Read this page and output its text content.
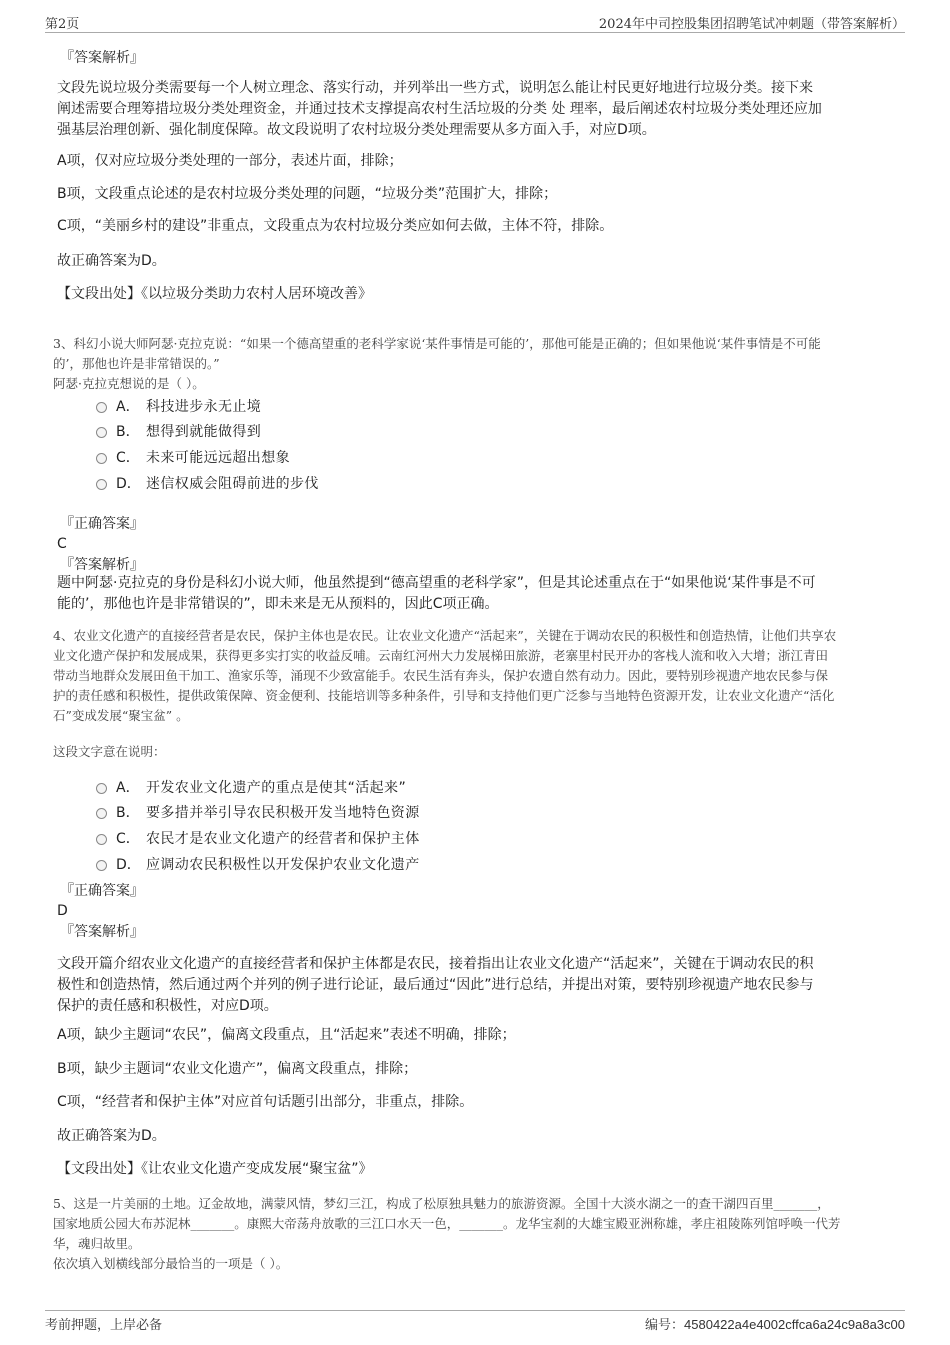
第2页	2024年中司控股集团招聘笔试冲刺题（带答案解析）
『答案解析』
文段先说垃圾分类需要每一个人树立理念、落实行动，并列举出一些方式，说明怎么能让村民更好地进行垃圾分类。接下来
阐述需要合理筹措垃圾分类处理资金，并通过技术支撑提高农村生活垃圾的分类 处 理率，最后阐述农村垃圾分类处理还应加
强基层治理创新、强化制度保障。故文段说明了农村垃圾分类处理需要从多方面入手，对应D项。
A项，仅对应垃圾分类处理的一部分，表述片面，排除；
B项，文段重点论述的是农村垃圾分类处理的问题，“垃圾分类”范围扩大，排除；
C项，“美丽乡村的建设”非重点，文段重点为农村垃圾分类应如何去做，主体不符，排除。
故正确答案为D。
【文段出处】《以垃圾分类助力农村人居环境改善》
3、科幻小说大师阿瑟·克拉克说：“如果一个德高望重的老科学家说‘某件事情是可能的’，那他可能是正确的；但如果他说‘某件事情是不可能
的’，那他也许是非常错误的。”
阿瑟·克拉克想说的是（ ）。
A． 科技进步永无止境
B． 想得到就能做得到
C． 未来可能远远超出想象
D． 迷信权威会阻碍前进的步伐
『正确答案』
C
『答案解析』
题中阿瑟·克拉克的身份是科幻小说大师，他虽然提到“德高望重的老科学家”，但是其论述重点在于“如果他说‘某件事是不可
能的’，那他也许是非常错误的”，即未来是无从预料的，因此C项正确。
4、农业文化遗产的直接经营者是农民，保护主体也是农民。让农业文化遗产“活起来”，关键在于调动农民的积极性和创造热情，让他们共享农
业文化遗产保护和发展成果，获得更多实打实的收益反哺。云南红河州大力发展梯田旅游，老寨里村民开办的客栈人流和收入大增；浙江青田
带动当地群众发展田鱼干加工、渔家乐等，涌现不少致富能手。农民生活有奔头，保护农遗自然有动力。因此，要特别珍视遗产地农民参与保
护的责任感和积极性，提供政策保障、资金便利、技能培训等多种条件，引导和支持他们更广泛参与当地特色资源开发，让农业文化遗产“活化
石”变成发展“聚宝盆” 。
这段文字意在说明：
A． 开发农业文化遗产的重点是使其“活起来”
B． 要多措并举引导农民积极开发当地特色资源
C． 农民才是农业文化遗产的经营者和保护主体
D． 应调动农民积极性以开发保护农业文化遗产
『正确答案』
D
『答案解析』
文段开篇介绍农业文化遗产的直接经营者和保护主体都是农民，接着指出让农业文化遗产“活起来”，关键在于调动农民的积
极性和创造热情，然后通过两个并列的例子进行论证，最后通过“因此”进行总结，并提出对策，要特别珍视遗产地农民参与
保护的责任感和积极性，对应D项。
A项，缺少主题词“农民”，偏离文段重点，且“活起来”表述不明确，排除；
B项，缺少主题词“农业文化遗产”，偏离文段重点，排除；
C项，“经营者和保护主体”对应首句话题引出部分，非重点，排除。
故正确答案为D。
【文段出处】《让农业文化遗产变成发展“聚宝盆”》
5、这是一片美丽的土地。辽金故地，满蒙风情，梦幻三江，构成了松原独具魅力的旅游资源。全国十大淡水湖之一的查干湖四百里_______，
国家地质公园大布苏泥林_______。康熙大帝荡舟放歌的三江口水天一色，_______。龙华宝刹的大雄宝殿亚洲称雄，孝庄祖陵陈列馆呼唤一代芳
华，魂归故里。
依次填入划横线部分最恰当的一项是（ ）。
考前押题，上岸必备	编号：4580422a4e4002cffca6a24c9a8a3c00
